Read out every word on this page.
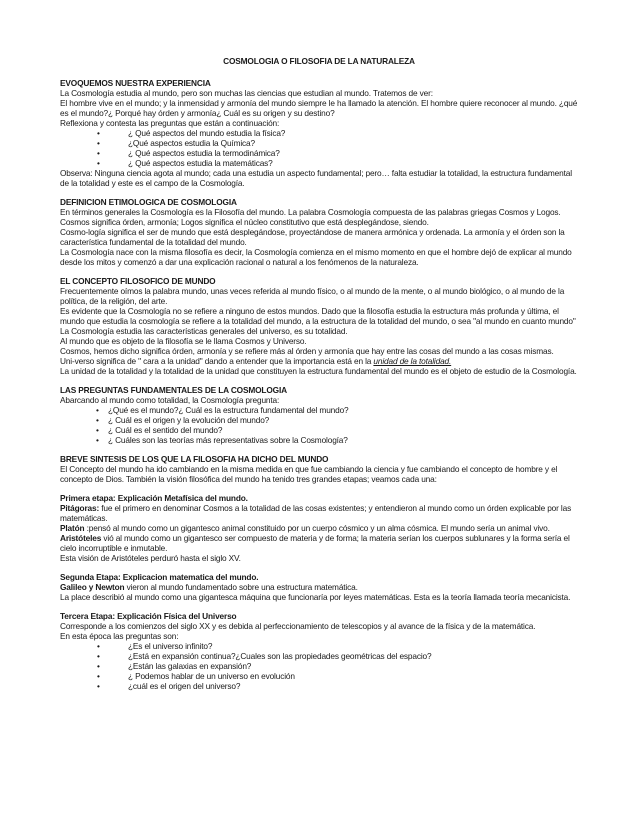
COSMOLOGIA O FILOSOFIA DE LA NATURALEZA
EVOQUEMOS NUESTRA EXPERIENCIA

La Cosmología estudia al mundo, pero son muchas las ciencias que estudian al mundo. Tratemos de ver:

El hombre vive en el mundo; y la inmensidad y armonía del mundo siempre le ha llamado la atención. El hombre quiere reconocer al mundo. ¿qué es el mundo?¿ Porqué hay órden y armonía¿ Cuál es su origen y su destino?

Reflexiona y contesta las preguntas que están a continuación:

• ¿ Qué aspectos del mundo estudia la física?
• ¿Qué aspectos estudia la Química?
• ¿ Qué aspectos estudia la termodinámica?
• ¿ Qué aspectos estudia la matemáticas?

Observa: Ninguna ciencia agota al mundo; cada una estudia un aspecto fundamental; pero… falta estudiar la totalidad, la estructura fundamental de la totalidad y este es el campo de la Cosmología.

DEFINICION ETIMOLOGICA DE COSMOLOGIA

En términos generales la Cosmología es la Filosofía del mundo. La palabra Cosmología compuesta de las palabras griegas Cosmos y Logos. Cosmos significa órden, armonía; Logos significa el núcleo constitutivo que está desplegándose, siendo.

Cosmo-logía significa el ser de mundo que está desplegándose, proyectándose de manera armónica y ordenada. La armonía y el órden son la característica fundamental de la totalidad del mundo.

La Cosmología nace con la misma filosofía es decir, la Cosmología comienza en el mismo momento en que el hombre dejó de explicar al mundo desde los mitos y comenzó a dar una explicación racional o natural a los fenómenos de la naturaleza.

EL CONCEPTO FILOSOFICO DE MUNDO

Frecuentemente oímos la palabra mundo, unas veces referida al mundo físico, o al mundo de la mente, o al mundo biológico, o al mundo de la política, de la religión, del arte.

Es evidente que la Cosmología no se refiere a ninguno de estos mundos. Dado que la filosofía estudia la estructura más profunda y última, el mundo que estudia la cosmología se refiere a la totalidad del mundo, a la estructura de la totalidad del mundo, o sea "al mundo en cuanto mundo" La Cosmología estudia las características generales del universo, es su totalidad.

Al mundo que es objeto de la filosofía se le llama Cosmos y Universo.

Cosmos, hemos dicho significa órden, armonía y se refiere más al órden y armonía que hay entre las cosas del mundo a las cosas mismas.

Uni-verso significa de " cara a la unidad" dando a entender que la importancia está en la unidad de la totalidad.

La unidad de la totalidad y la totalidad de la unidad que constituyen la estructura fundamental del mundo es el objeto de estudio de la Cosmología.

LAS PREGUNTAS FUNDAMENTALES DE LA COSMOLOGIA

Abarcando al mundo como totalidad, la Cosmología pregunta:

• ¿Qué es el mundo?¿ Cuál es la estructura fundamental del mundo?
• ¿ Cuál es el origen y la evolución del mundo?
• ¿ Cuál es el sentido del mundo?
• ¿ Cuáles son las teorías más representativas sobre la Cosmología?
BREVE SINTESIS DE LOS QUE LA FILOSOFIA HA DICHO DEL MUNDO

El Concepto del mundo ha ido cambiando en la misma medida en que fue cambiando la ciencia y fue cambiando el concepto de hombre y el concepto de Dios. También la visión filosófica del mundo ha tenido tres grandes etapas; veamos cada una:

Primera etapa: Explicación Metafísica del mundo.

Pitágoras: fue el primero en denominar Cosmos a la totalidad de las cosas existentes; y entendieron al mundo como un órden explicable por las matemáticas.

Platón :pensó al mundo como un gigantesco animal constituido por un cuerpo cósmico y un alma cósmica. El mundo sería un animal vivo.

Aristóteles vió al mundo como un gigantesco ser compuesto de materia y de forma; la materia serían los cuerpos sublunares y la forma sería el cielo incorruptible e inmutable.

Esta visión de Aristóteles perduró hasta el siglo XV.

Segunda Etapa: Explicacion matematica del mundo.

Galileo y Newton vieron al mundo fundamentado sobre una estructura matemática.

La place describió al mundo como una gigantesca máquina que funcionaría por leyes matemáticas. Esta es la teoría llamada teoría mecanicista.

Tercera Etapa: Explicación Física del Universo

Corresponde a los comienzos del siglo XX y es debida al perfeccionamiento de telescopios y al avance de la física y de la matemática.

En esta época las preguntas son:

• ¿Es el universo infinito?
• ¿Está en expansión continua?¿Cuales son las propiedades geométricas del espacio?
• ¿Están las galaxias en expansión?
• ¿ Podemos hablar de un universo en evolución
• ¿cuál es el origen del universo?
